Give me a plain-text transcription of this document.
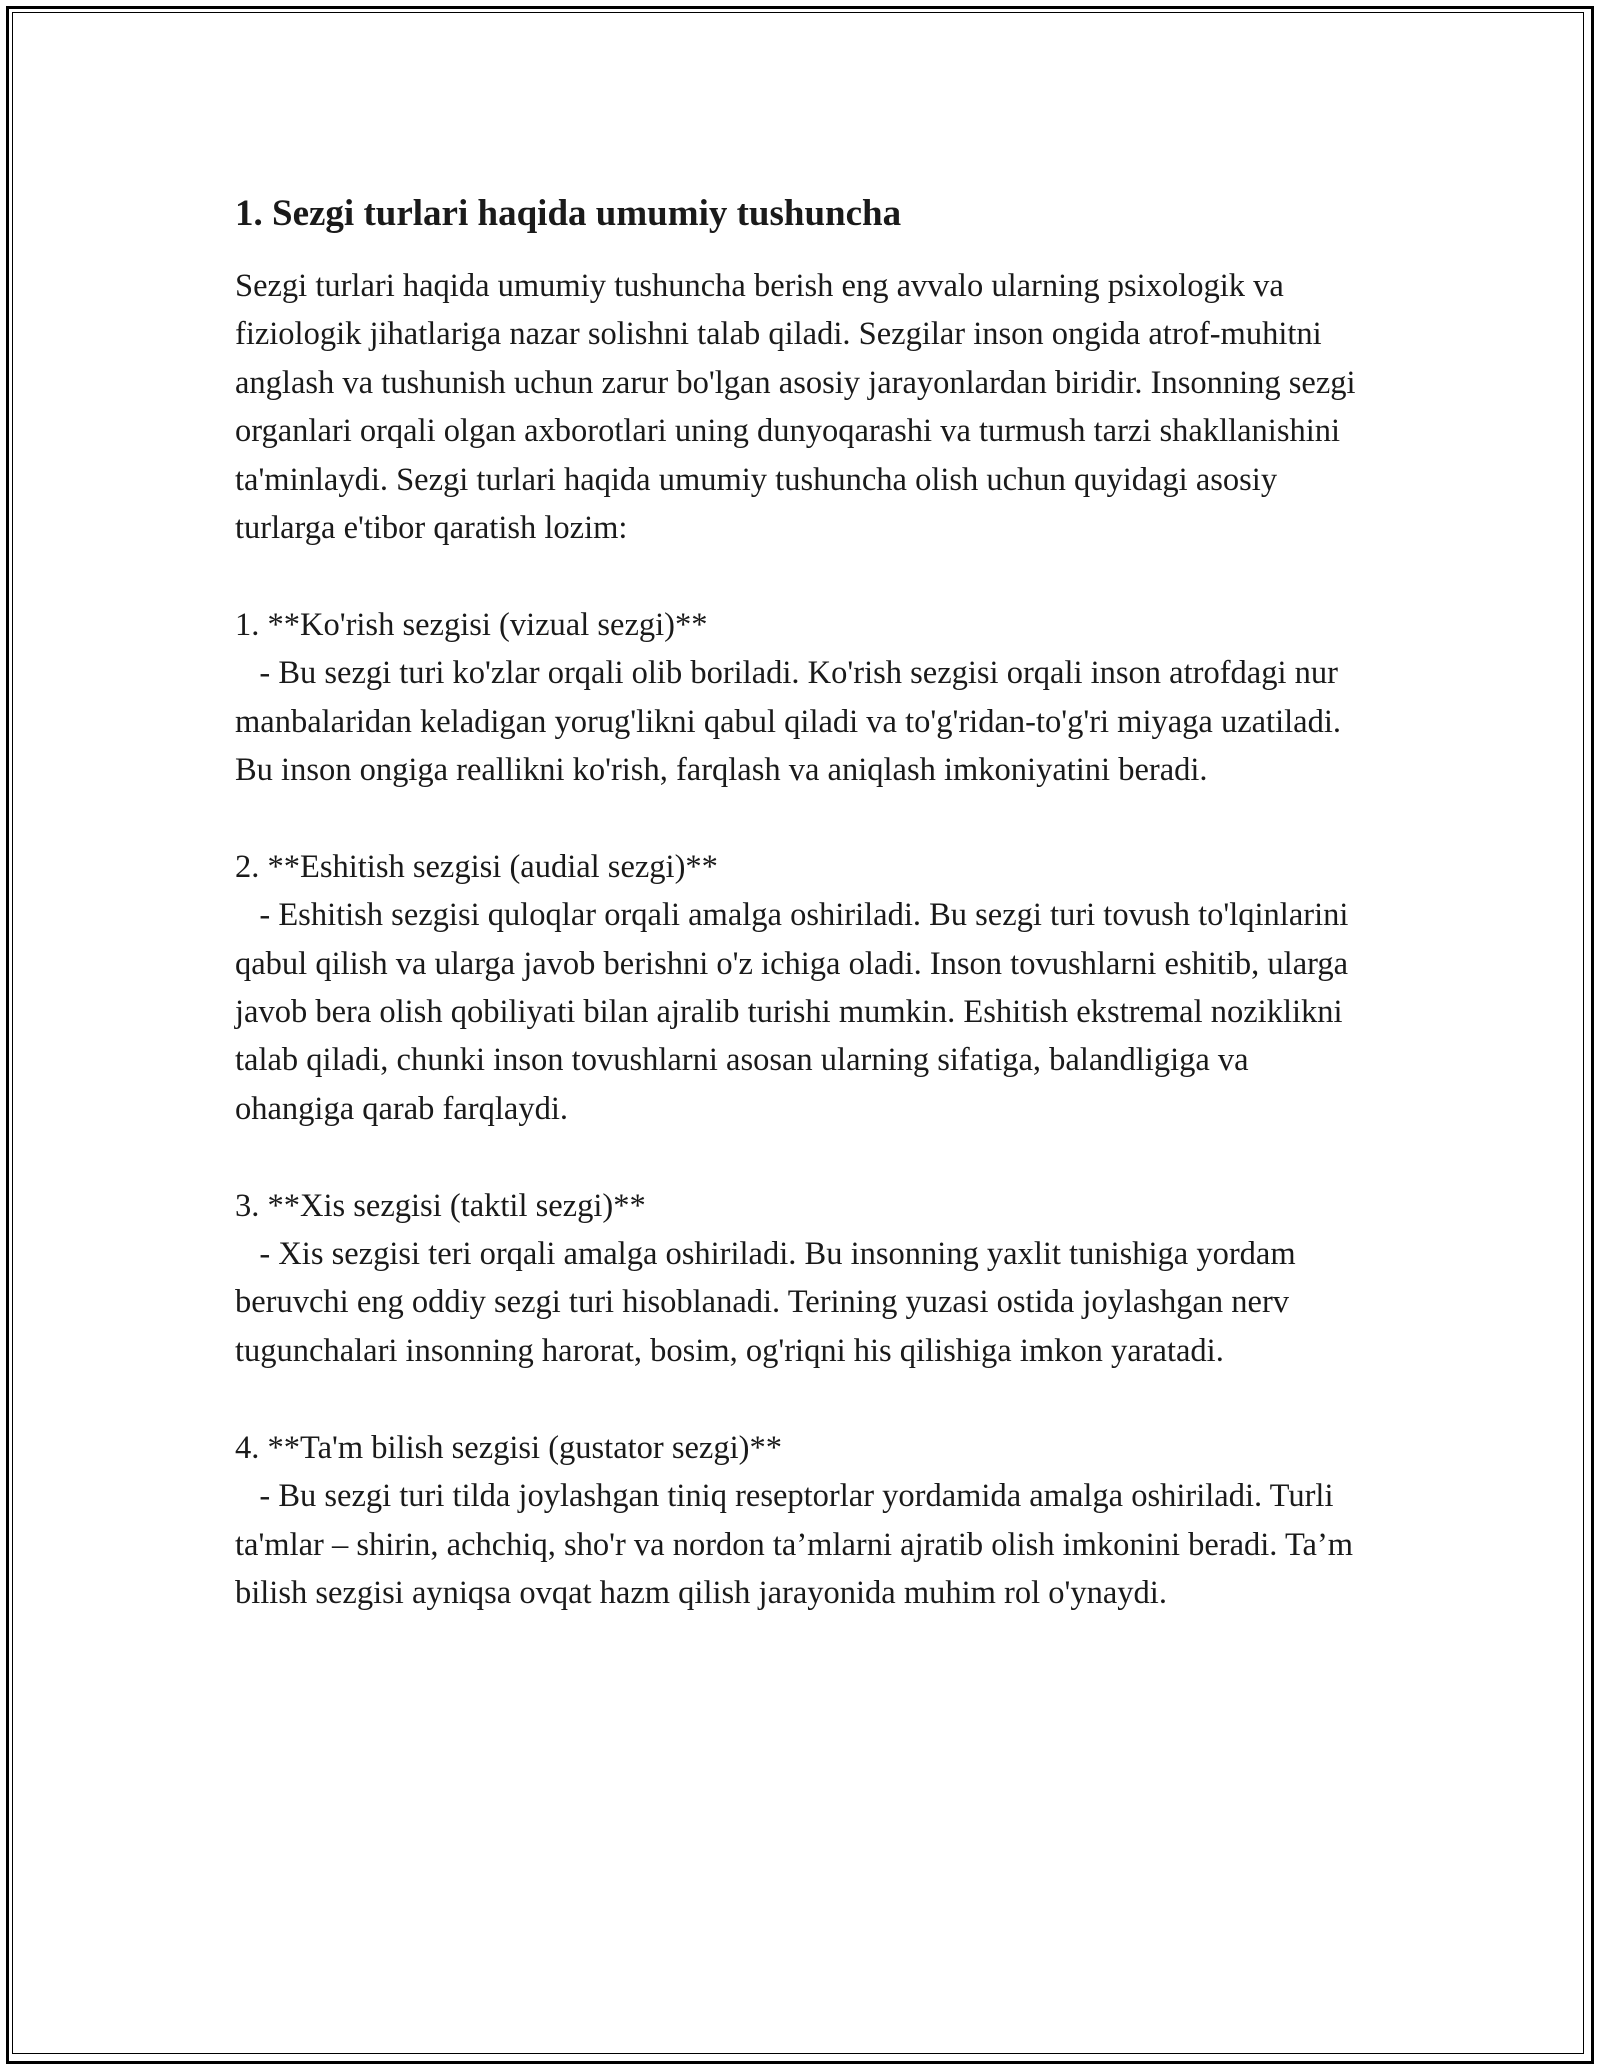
1. Sezgi turlari haqida umumiy tushuncha

Sezgi turlari haqida umumiy tushuncha berish eng avvalo ularning psixologik va fiziologik jihatlariga nazar solishni talab qiladi. Sezgilar inson ongida atrof-muhitni anglash va tushunish uchun zarur bo'lgan asosiy jarayonlardan biridir. Insonning sezgi organlari orqali olgan axborotlari uning dunyoqarashi va turmush tarzi shakllanishini ta'minlaydi. Sezgi turlari haqida umumiy tushuncha olish uchun quyidagi asosiy turlarga e'tibor qaratish lozim:

1. **Ko'rish sezgisi (vizual sezgi)**

- Bu sezgi turi ko'zlar orqali olib boriladi. Ko'rish sezgisi orqali inson atrofdagi nur manbalaridan keladigan yorug'likni qabul qiladi va to'g'ridan-to'g'ri miyaga uzatiladi. Bu inson ongiga reallikni ko'rish, farqlash va aniqlash imkoniyatini beradi.

2. **Eshitish sezgisi (audial sezgi)**

- Eshitish sezgisi quloqlar orqali amalga oshiriladi. Bu sezgi turi tovush to'lqinlarini qabul qilish va ularga javob berishni o'z ichiga oladi. Inson tovushlarni eshitib, ularga javob bera olish qobiliyati bilan ajralib turishi mumkin. Eshitish ekstremal noziklikni talab qiladi, chunki inson tovushlarni asosan ularning sifatiga, balandligiga va ohangiga qarab farqlaydi.

3. **Xis sezgisi (taktil sezgi)**

- Xis sezgisi teri orqali amalga oshiriladi. Bu insonning yaxlit tunishiga yordam beruvchi eng oddiy sezgi turi hisoblanadi. Terining yuzasi ostida joylashgan nerv tugunchalari insonning harorat, bosim, og'riqni his qilishiga imkon yaratadi.

4. **Ta'm bilish sezgisi (gustator sezgi)**

- Bu sezgi turi tilda joylashgan tiniq reseptorlar yordamida amalga oshiriladi. Turli ta'mlar – shirin, achchiq, sho'r va nordon ta’mlarni ajratib olish imkonini beradi. Ta’m bilish sezgisi ayniqsa ovqat hazm qilish jarayonida muhim rol o'ynaydi.
